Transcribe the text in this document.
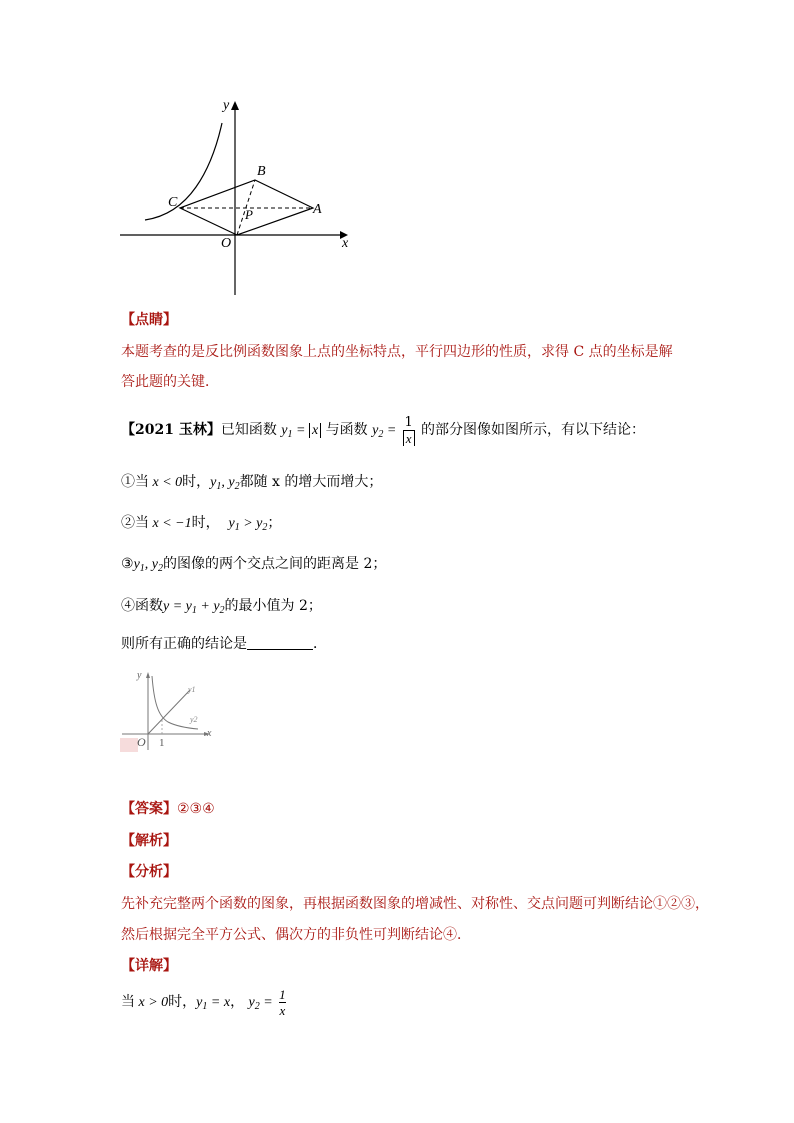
y
x
O
A
B
C
P
【点睛】
本题考查的是反比例函数图象上点的坐标特点，平行四边形的性质，求得 C 点的坐标是解
答此题的关键．
【2021 玉林】已知函数 $y_1 = x$ 与函数 $y_2 = \frac{1}{x}$ 的部分图像如图所示，有以下结论：
①当 x < 0时，$y_1$, $y_2$都随 x 的增大而增大；
②当 x < −1时， $y_1 > y_2$；
$③y_1$, $y_2$的图像的两个交点之间的距离是 2；
④函数$y = y_1 + y_2$的最小值为 2；
则所有正确的结论是	．
y
x
O 1
y1
y2
【答案】②③④
【解析】
【分析】
先补充完整两个函数的图象，再根据函数图象的增减性、对称性、交点问题可判断结论①②③，
然后根据完全平方公式、偶次方的非负性可判断结论④．
【详解】
当 x > 0时，$y_1 = x$， $y_2 = \frac{1}{x}$
